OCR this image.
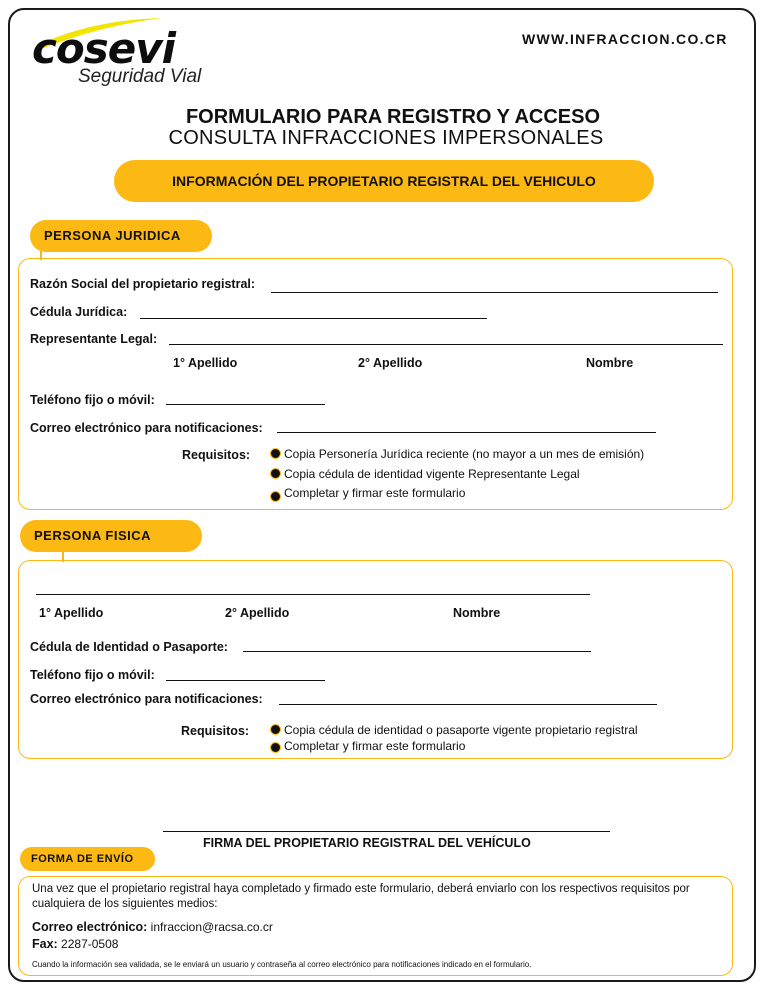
cosevi
Seguridad Vial
WWW.INFRACCION.CO.CR
FORMULARIO PARA REGISTRO Y ACCESO
CONSULTA INFRACCIONES IMPERSONALES
INFORMACIÓN DEL PROPIETARIO REGISTRAL DEL VEHICULO
PERSONA JURIDICA
Razón Social del propietario registral:
Cédula Jurídica:
Representante Legal:
1° Apellido	2° Apellido	Nombre
Teléfono fijo o móvil:
Correo electrónico para notificaciones:
Requisitos:	Copia Personería Jurídica reciente (no mayor a un mes de emisión)
Copia cédula de identidad vigente Representante Legal
Completar y firmar este formulario
PERSONA FISICA
1° Apellido	2° Apellido	Nombre
Cédula de Identidad o Pasaporte:
Teléfono fijo o móvil:
Correo electrónico para notificaciones:
Requisitos:	Copia cédula de identidad o pasaporte vigente propietario registral
Completar y firmar este formulario
FIRMA DEL PROPIETARIO REGISTRAL DEL VEHÍCULO
FORMA DE ENVÍO
Una vez que el propietario registral haya completado y firmado este formulario, deberá enviarlo con los respectivos requisitos por cualquiera de los siguientes medios:
Correo electrónico: infraccion@racsa.co.cr
Fax: 2287-0508
Cuando la información sea validada, se le enviará un usuario y contraseña al correo electrónico para notificaciones indicado en el formulario.
